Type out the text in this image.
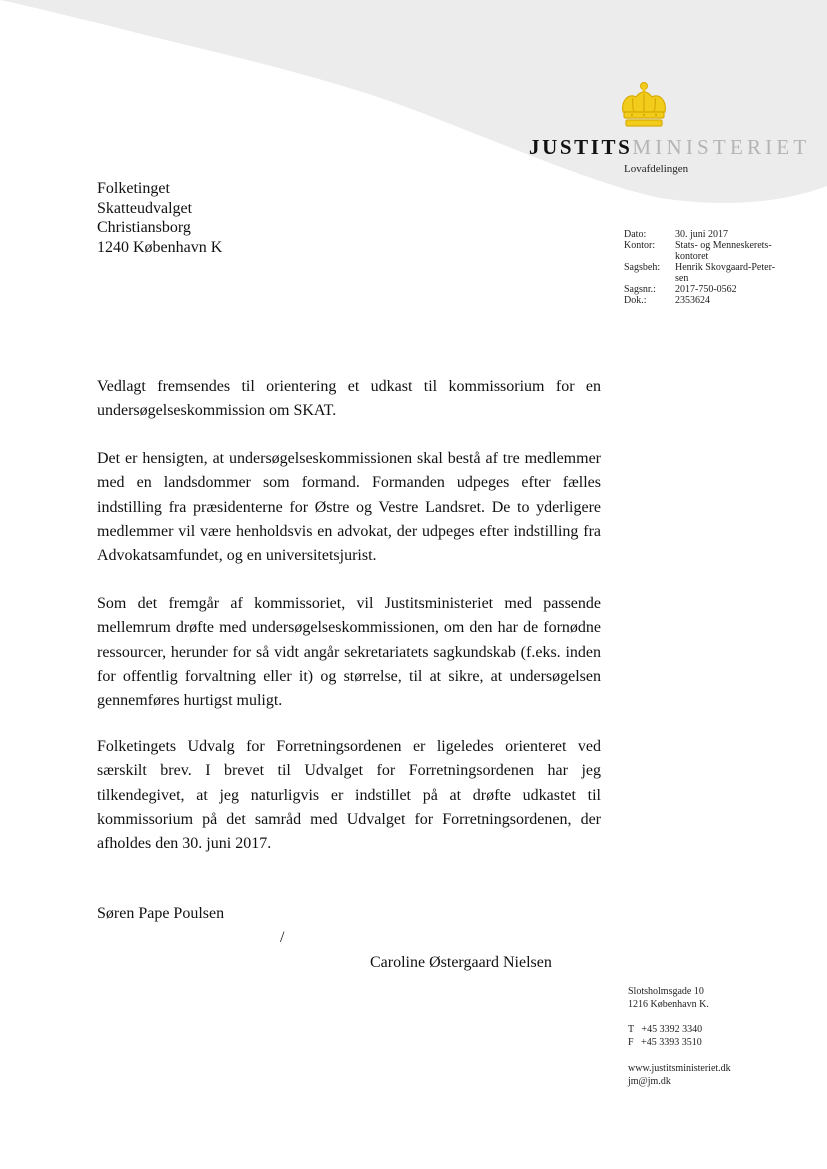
JUSTITSMINISTERIET
Lovafdelingen
Folketinget
Skatteudvalget
Christiansborg
1240 København K
Dato:	30. juni 2017
Kontor:	Stats- og Menneskerets-
kontoret
Sagsbeh:	Henrik Skovgaard-Peter-
sen
Sagsnr.:	2017-750-0562
Dok.:	2353624
Vedlagt fremsendes til orientering et udkast til kommissorium for en undersøgelseskommission om SKAT.
Det er hensigten, at undersøgelseskommissionen skal bestå af tre medlemmer med en landsdommer som formand. Formanden udpeges efter fælles indstilling fra præsidenterne for Østre og Vestre Landsret. De to yderligere medlemmer vil være henholdsvis en advokat, der udpeges efter indstilling fra Advokatsamfundet, og en universitetsjurist.
Som det fremgår af kommissoriet, vil Justitsministeriet med passende mellemrum drøfte med undersøgelseskommissionen, om den har de fornødne ressourcer, herunder for så vidt angår sekretariatets sagkundskab (f.eks. inden for offentlig forvaltning eller it) og størrelse, til at sikre, at undersøgelsen gennemføres hurtigst muligt.
Folketingets Udvalg for Forretningsordenen er ligeledes orienteret ved særskilt brev. I brevet til Udvalget for Forretningsordenen har jeg tilkendegivet, at jeg naturligvis er indstillet på at drøfte udkastet til kommissorium på det samråd med Udvalget for Forretningsordenen, der afholdes den 30. juni 2017.
Søren Pape Poulsen
/
Caroline Østergaard Nielsen
Slotsholmsgade 10
1216 København K.
T   +45 3392 3340
F   +45 3393 3510
www.justitsministeriet.dk
jm@jm.dk
